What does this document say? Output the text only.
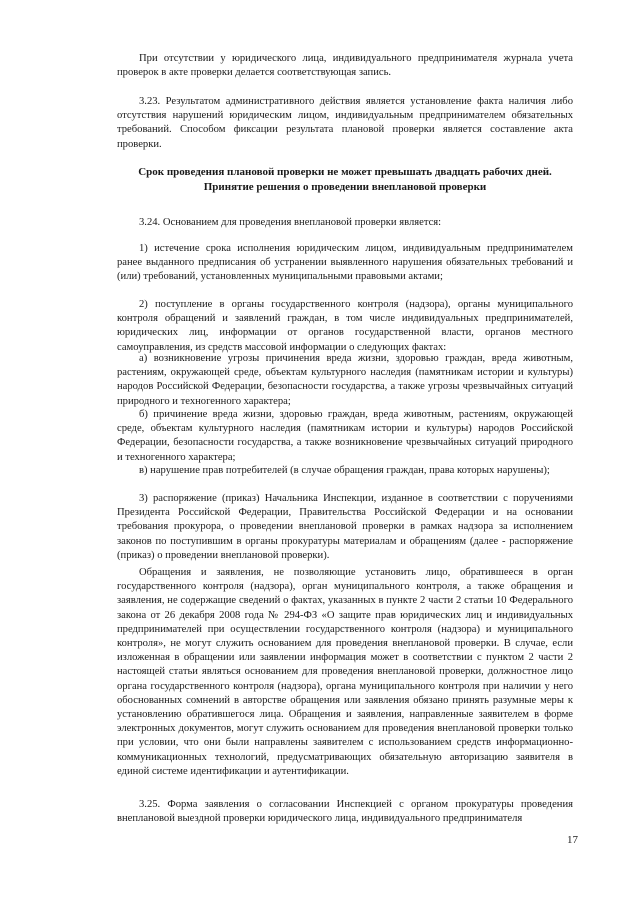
При отсутствии у юридического лица, индивидуального предпринимателя журнала учета проверок в акте проверки делается соответствующая запись.

3.23. Результатом административного действия является установление факта наличия либо отсутствия нарушений юридическим лицом, индивидуальным предпринимателем обязательных требований. Способом фиксации результата плановой проверки является составление акта проверки.

Срок проведения плановой проверки не может превышать двадцать рабочих дней. Принятие решения о проведении внеплановой проверки

3.24. Основанием для проведения внеплановой проверки является:

1) истечение срока исполнения юридическим лицом, индивидуальным предпринимателем ранее выданного предписания об устранении выявленного нарушения обязательных требований и (или) требований, установленных муниципальными правовыми актами;

2) поступление в органы государственного контроля (надзора), органы муниципального контроля обращений и заявлений граждан, в том числе индивидуальных предпринимателей, юридических лиц, информации от органов государственной власти, органов местного самоуправления, из средств массовой информации о следующих фактах:

а) возникновение угрозы причинения вреда жизни, здоровью граждан, вреда животным, растениям, окружающей среде, объектам культурного наследия (памятникам истории и культуры) народов Российской Федерации, безопасности государства, а также угрозы чрезвычайных ситуаций природного и техногенного характера;

б) причинение вреда жизни, здоровью граждан, вреда животным, растениям, окружающей среде, объектам культурного наследия (памятникам истории и культуры) народов Российской Федерации, безопасности государства, а также возникновение чрезвычайных ситуаций природного и техногенного характера;

в) нарушение прав потребителей (в случае обращения граждан, права которых нарушены);

3) распоряжение (приказ) Начальника Инспекции, изданное в соответствии с поручениями Президента Российской Федерации, Правительства Российской Федерации и на основании требования прокурора, о проведении внеплановой проверки в рамках надзора за исполнением законов по поступившим в органы прокуратуры материалам и обращениям (далее - распоряжение (приказ) о проведении внеплановой проверки).

Обращения и заявления, не позволяющие установить лицо, обратившееся в орган государственного контроля (надзора), орган муниципального контроля, а также обращения и заявления, не содержащие сведений о фактах, указанных в пункте 2 части 2 статьи 10 Федерального закона от 26 декабря 2008 года № 294-ФЗ «О защите прав юридических лиц и индивидуальных предпринимателей при осуществлении государственного контроля (надзора) и муниципального контроля», не могут служить основанием для проведения внеплановой проверки. В случае, если изложенная в обращении или заявлении информация может в соответствии с пунктом 2 части 2 настоящей статьи являться основанием для проведения внеплановой проверки, должностное лицо органа государственного контроля (надзора), органа муниципального контроля при наличии у него обоснованных сомнений в авторстве обращения или заявления обязано принять разумные меры к установлению обратившегося лица. Обращения и заявления, направленные заявителем в форме электронных документов, могут служить основанием для проведения внеплановой проверки только при условии, что они были направлены заявителем с использованием средств информационно-коммуникационных технологий, предусматривающих обязательную авторизацию заявителя в единой системе идентификации и аутентификации.

3.25. Форма заявления о согласовании Инспекцией с органом прокуратуры проведения внеплановой выездной проверки юридического лица, индивидуального предпринимателя

17
